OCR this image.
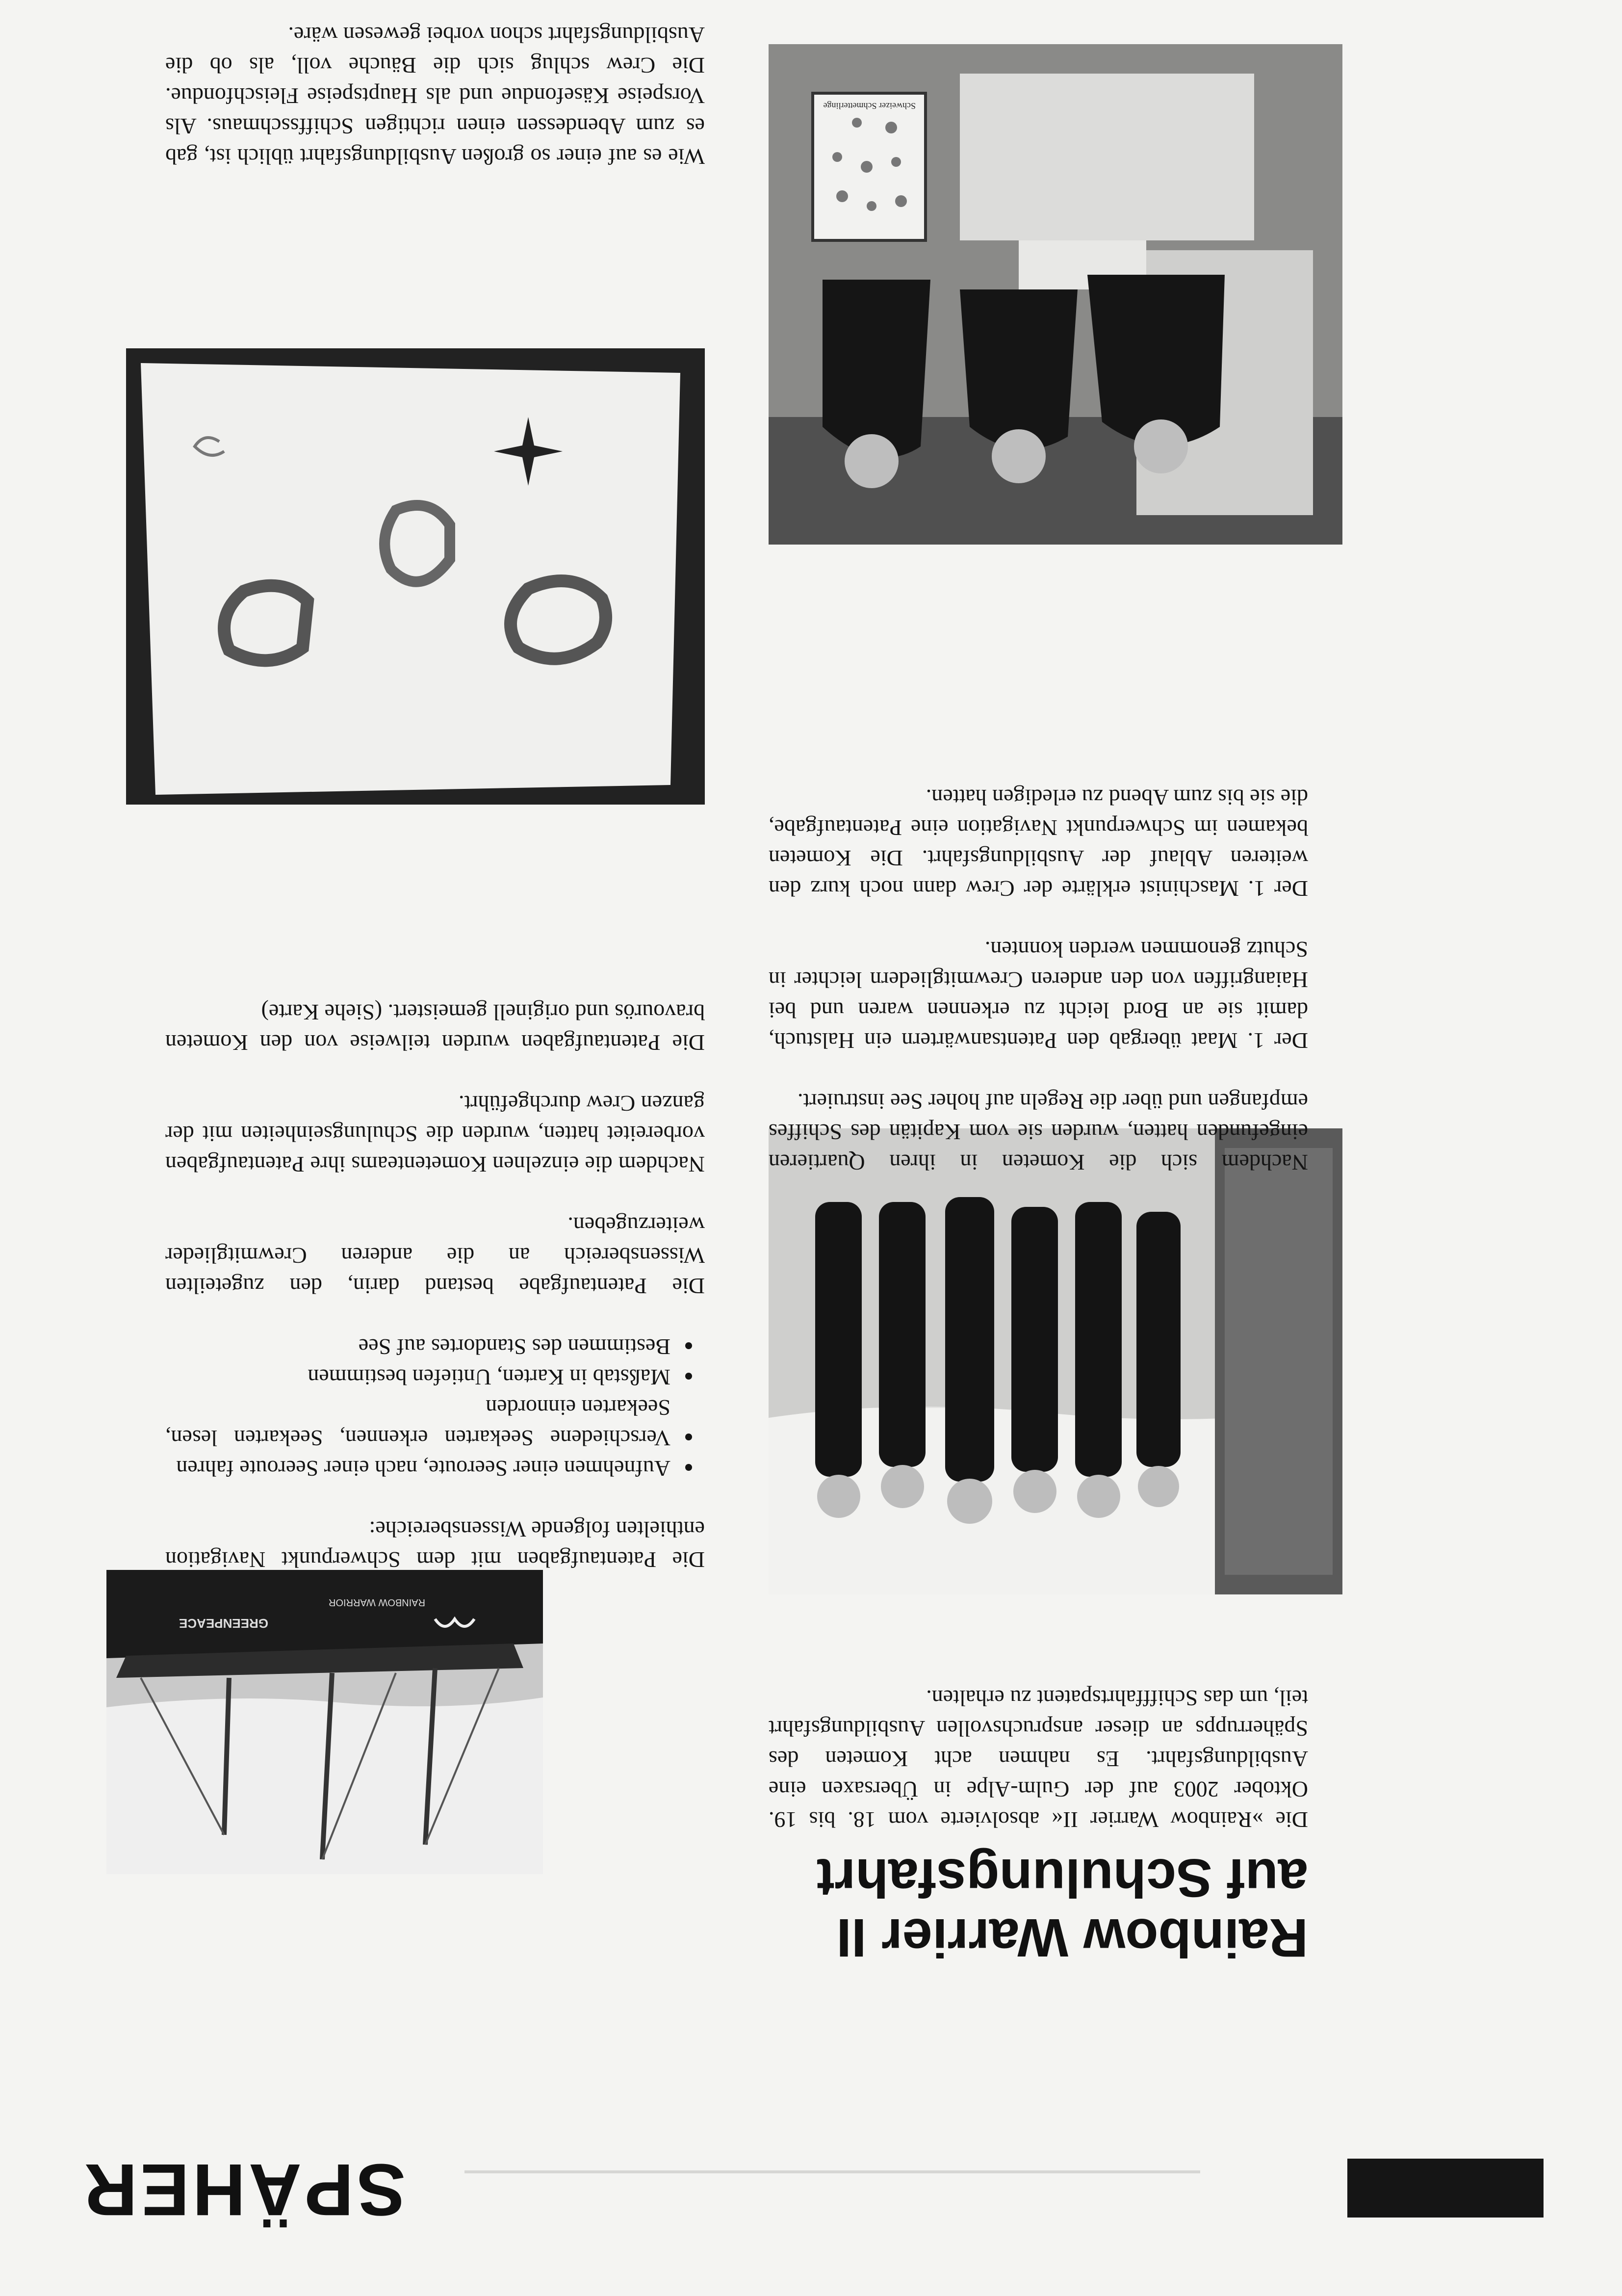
10
SPÄHER
GREENPEACE
RAINBOW WARRIOR
Rainbow Warrier II auf Schulungsfahrt

Die »Rainbow Warrier II« absolvierte vom 18. bis 19. Oktober 2003 auf der Gulm-Alpe in Übersaxen eine Ausbildungsfahrt. Es nahmen acht Kometen des Späherrupps an dieser anspruchsvollen Ausbildungsfahrt teil, um das Schifffahrtspatent zu erhalten.

Die Patentaufgaben mit dem Schwerpunkt Navigation enthielten folgende Wissensbereiche:

• Aufnehmen einer Seeroute, nach einer Seeroute fahren
• Verschiedene Seekarten erkennen, Seekarten lesen, Seekarten einnorden
• Maßstab in Karten, Untiefen bestimmen
• Bestimmen des Standortes auf See

Die Patentaufgabe bestand darin, den zugeteilten Wissensbereich an die anderen Crewmitglieder weiterzugeben.

Nachdem die einzelnen Kometenteams ihre Patentaufgaben vorbereitet hatten, wurden die Schulungseinheiten mit der ganzen Crew durchgeführt.

Die Patentaufgaben wurden teilweise von den Kometen bravourös und originell gemeistert. (Siehe Karte)

Nachdem sich die Kometen in ihren Quartieren eingefunden hatten, wurden sie vom Kapitän des Schiffes empfangen und über die Regeln auf hoher See instruiert.

Der 1. Maat übergab den Patentsanwärtern ein Halstuch, damit sie an Bord leicht zu erkennen waren und bei Haiangriffen von den anderen Crewmitgliedern leichter in Schutz genommen werden konnten.

Der 1. Maschinist erklärte der Crew dann noch kurz den weiteren Ablauf der Ausbildungsfahrt. Die Kometen bekamen im Schwerpunkt Navigation eine Patentaufgabe, die sie bis zum Abend zu erledigen hatten.

Wie es auf einer so großen Ausbildungsfahrt üblich ist, gab es zum Abendessen einen richtigen Schiffsschmaus. Als Vorspeise Käsefondue und als Hauptspeise Fleischfondue. Die Crew schlug sich die Bäuche voll, als ob die Ausbildungsfahrt schon vorbei gewesen wäre.

Schweizer Schmetterlinge
